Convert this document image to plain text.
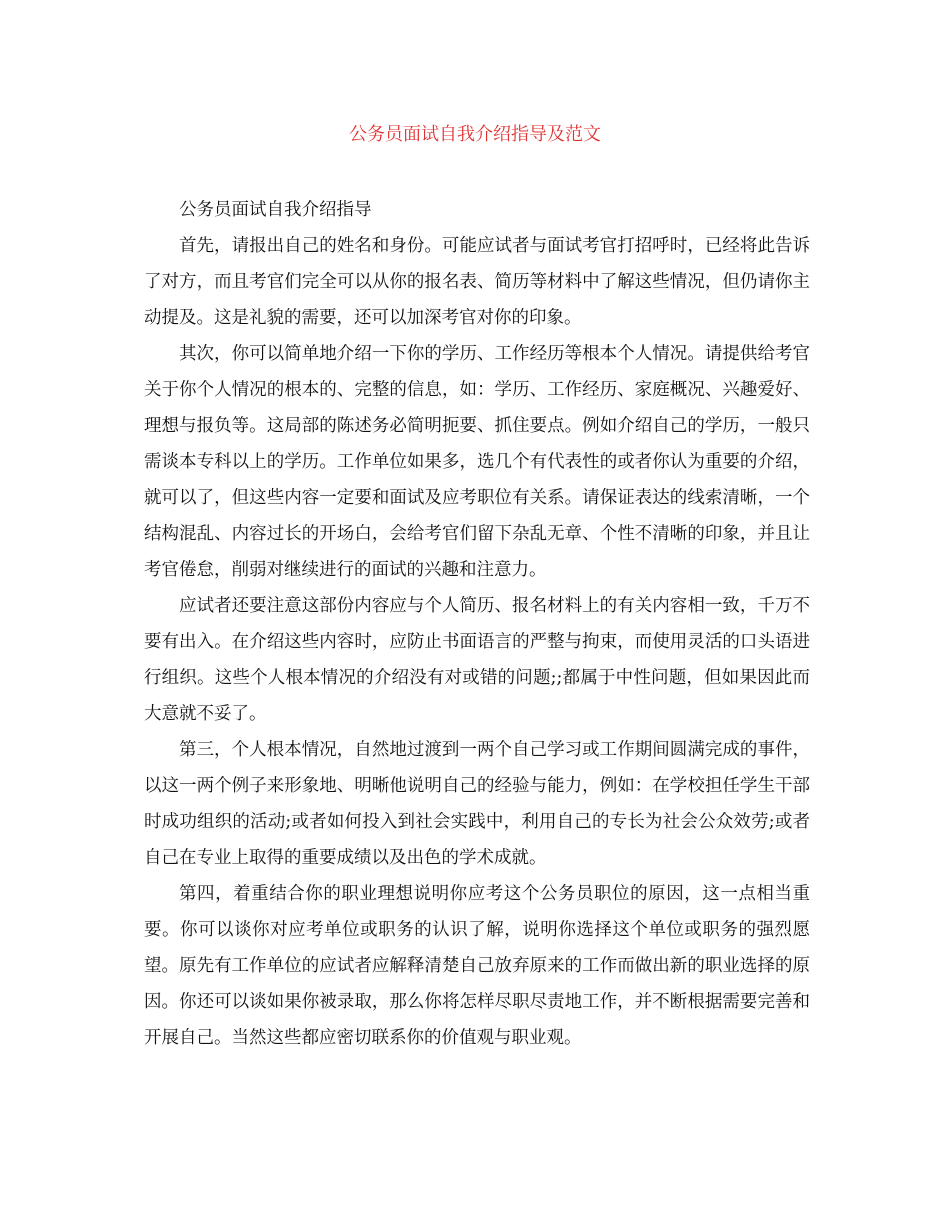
公务员面试自我介绍指导及范文

公务员面试自我介绍指导

首先，请报出自己的姓名和身份。可能应试者与面试考官打招呼时，已经将此告诉了对方，而且考官们完全可以从你的报名表、简历等材料中了解这些情况，但仍请你主动提及。这是礼貌的需要，还可以加深考官对你的印象。

其次，你可以简单地介绍一下你的学历、工作经历等根本个人情况。请提供给考官关于你个人情况的根本的、完整的信息，如：学历、工作经历、家庭概况、兴趣爱好、理想与报负等。这局部的陈述务必简明扼要、抓住要点。例如介绍自己的学历，一般只需谈本专科以上的学历。工作单位如果多，选几个有代表性的或者你认为重要的介绍，就可以了，但这些内容一定要和面试及应考职位有关系。请保证表达的线索清晰，一个结构混乱、内容过长的开场白，会给考官们留下杂乱无章、个性不清晰的印象，并且让考官倦怠，削弱对继续进行的面试的兴趣和注意力。

应试者还要注意这部份内容应与个人简历、报名材料上的有关内容相一致，千万不要有出入。在介绍这些内容时，应防止书面语言的严整与拘束，而使用灵活的口头语进行组织。这些个人根本情况的介绍没有对或错的问题;;都属于中性问题，但如果因此而大意就不妥了。

第三，个人根本情况，自然地过渡到一两个自己学习或工作期间圆满完成的事件，以这一两个例子来形象地、明晰他说明自己的经验与能力，例如：在学校担任学生干部时成功组织的活动;或者如何投入到社会实践中，利用自己的专长为社会公众效劳;或者自己在专业上取得的重要成绩以及出色的学术成就。

第四，着重结合你的职业理想说明你应考这个公务员职位的原因，这一点相当重要。你可以谈你对应考单位或职务的认识了解，说明你选择这个单位或职务的强烈愿望。原先有工作单位的应试者应解释清楚自己放弃原来的工作而做出新的职业选择的原因。你还可以谈如果你被录取，那么你将怎样尽职尽责地工作，并不断根据需要完善和开展自己。当然这些都应密切联系你的价值观与职业观。
